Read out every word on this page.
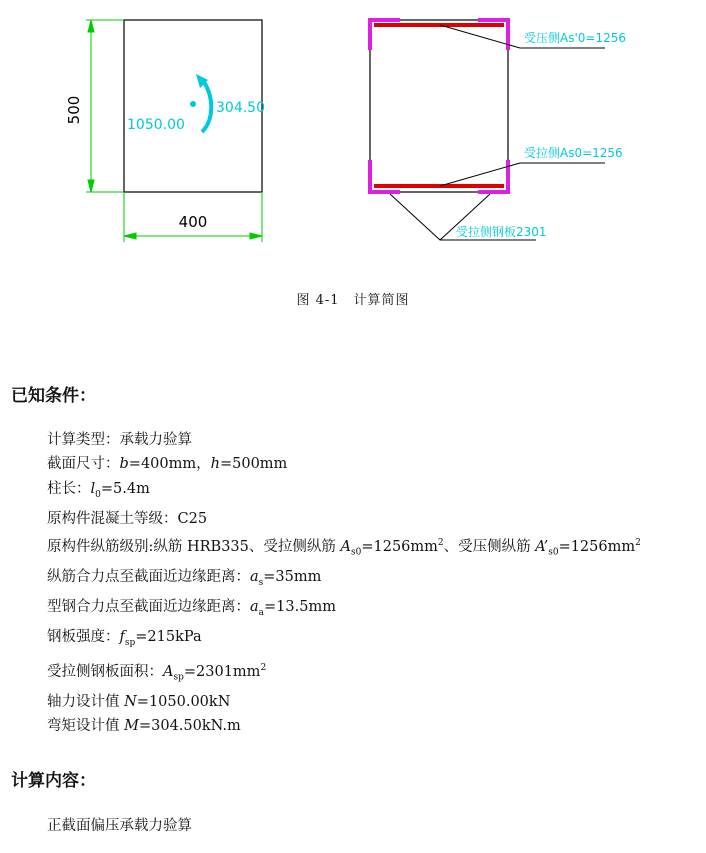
500
400
1050.00
304.50
受压侧As'0=1256
受拉侧As0=1256
受拉侧钢板2301
图 4-1　计算简图
已知条件：
计算类型：承载力验算
截面尺寸：b=400mm，h=500mm
柱长：$l_0=5.4m$
原构件混凝土等级：C25
原构件纵筋级别:纵筋 HRB335、受拉侧纵筋 $A_{s0}=1256mm^2$、受压侧纵筋 $A’_{s0}=1256mm^2$
纵筋合力点至截面近边缘距离：$a_s=35mm$
型钢合力点至截面近边缘距离：$a_a=13.5mm$
钢板强度：$f_{sp}=215kPa$
受拉侧钢板面积：$A_{sp}=2301mm^2$
轴力设计值 N=1050.00kN
弯矩设计值 M=304.50kN.m
计算内容：
正截面偏压承载力验算
